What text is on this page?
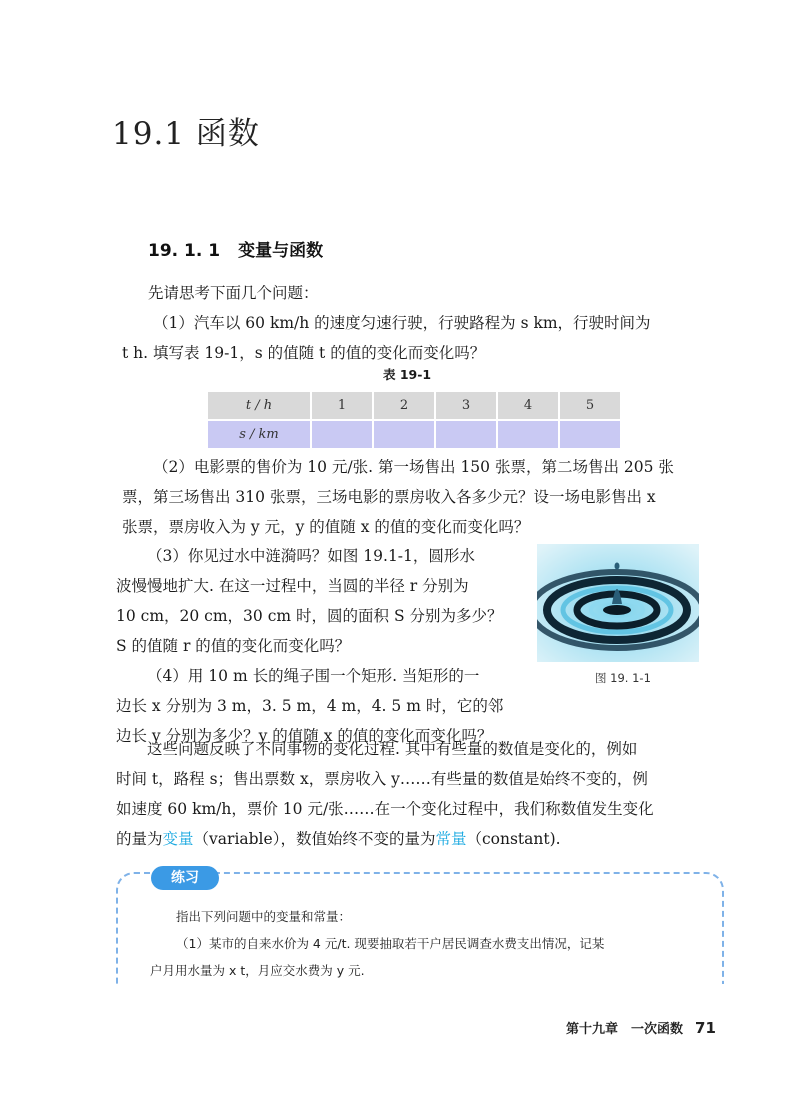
19.1 函数
19. 1. 1 变量与函数

先请思考下面几个问题：

（1）汽车以 60 km/h 的速度匀速行驶，行驶路程为 s km，行驶时间为

t h. 填写表 19-1，s 的值随 t 的值的变化而变化吗？

表 19-1
t / h	1	2	3	4	5
s / km					

（2）电影票的售价为 10 元/张. 第一场售出 150 张票，第二场售出 205 张

票，第三场售出 310 张票，三场电影的票房收入各多少元？设一场电影售出 x

张票，票房收入为 y 元，y 的值随 x 的值的变化而变化吗？

（3）你见过水中涟漪吗？如图 19.1-1，圆形水

波慢慢地扩大. 在这一过程中，当圆的半径 r 分别为

10 cm，20 cm，30 cm 时，圆的面积 S 分别为多少？

S 的值随 r 的值的变化而变化吗？

（4）用 10 m 长的绳子围一个矩形. 当矩形的一

边长 x 分别为 3 m，3. 5 m，4 m，4. 5 m 时，它的邻

边长 y 分别为多少？y 的值随 x 的值的变化而变化吗？

图 19. 1-1

这些问题反映了不同事物的变化过程. 其中有些量的数值是变化的，例如

时间 t，路程 s；售出票数 x，票房收入 y……有些量的数值是始终不变的，例

如速度 60 km/h，票价 10 元/张……在一个变化过程中，我们称数值发生变化

的量为变量（variable），数值始终不变的量为常量（constant).

练习

指出下列问题中的变量和常量：

（1）某市的自来水价为 4 元/t. 现要抽取若干户居民调查水费支出情况，记某

户月用水量为 x t，月应交水费为 y 元.

第十九章　一次函数 71
